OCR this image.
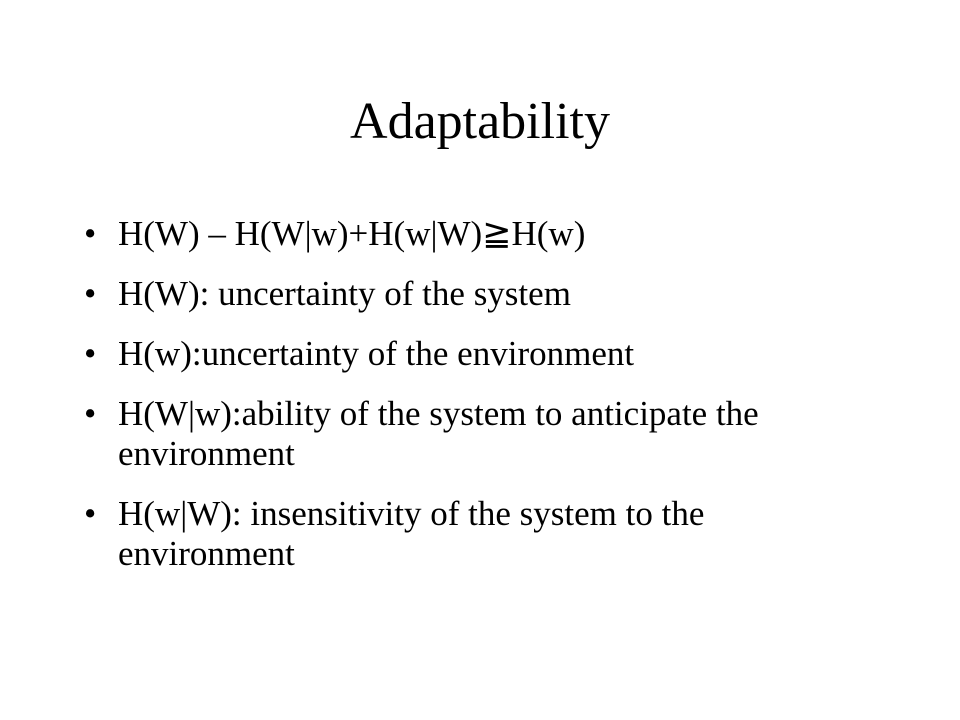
Adaptability
• H(W) – H(W|w)+H(w|W)≧H(w)
• H(W): uncertainty of the system
• H(w):uncertainty of the environment
• H(W|w):ability of the system to anticipate the environment
• H(w|W): insensitivity of the system to the environment
